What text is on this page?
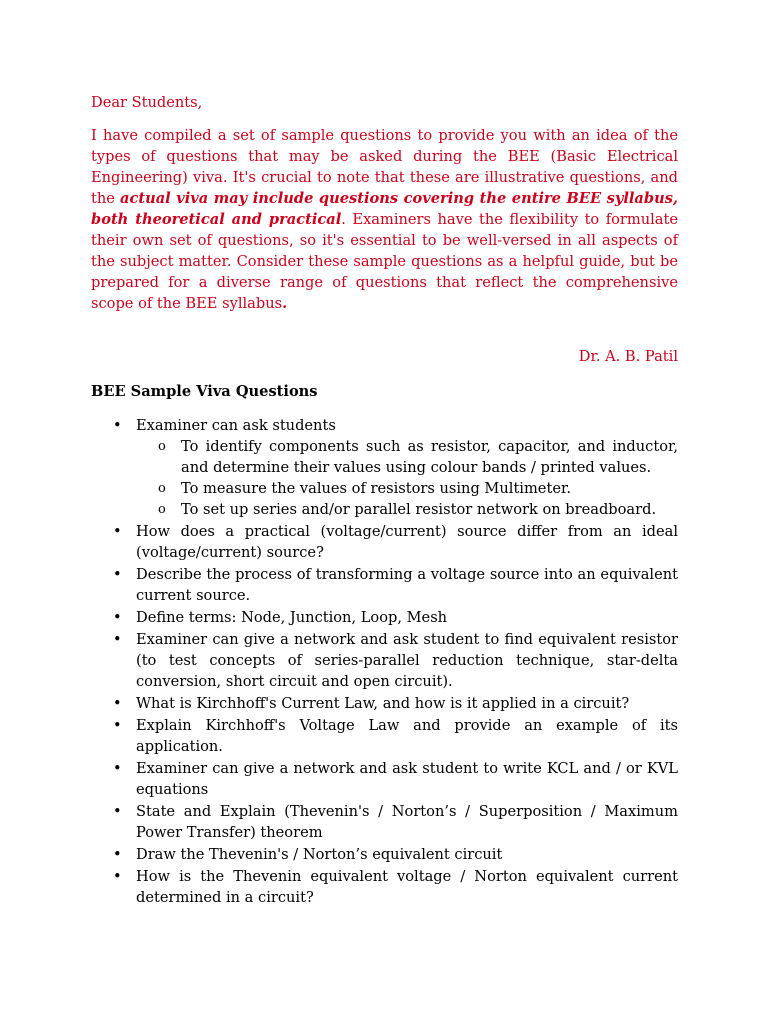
Dear Students,

I have compiled a set of sample questions to provide you with an idea of the types of questions that may be asked during the BEE (Basic Electrical Engineering) viva. It's crucial to note that these are illustrative questions, and the actual viva may include questions covering the entire BEE syllabus, both theoretical and practical. Examiners have the flexibility to formulate their own set of questions, so it's essential to be well-versed in all aspects of the subject matter. Consider these sample questions as a helpful guide, but be prepared for a diverse range of questions that reflect the comprehensive scope of the BEE syllabus.

Dr. A. B. Patil

BEE Sample Viva Questions

• Examiner can ask students
o To identify components such as resistor, capacitor, and inductor, and determine their values using colour bands / printed values.
o To measure the values of resistors using Multimeter.
o To set up series and/or parallel resistor network on breadboard.
• How does a practical (voltage/current) source differ from an ideal (voltage/current) source?
• Describe the process of transforming a voltage source into an equivalent current source.
• Define terms: Node, Junction, Loop, Mesh
• Examiner can give a network and ask student to find equivalent resistor (to test concepts of series-parallel reduction technique, star-delta conversion, short circuit and open circuit).
• What is Kirchhoff's Current Law, and how is it applied in a circuit?
• Explain Kirchhoff's Voltage Law and provide an example of its application.
• Examiner can give a network and ask student to write KCL and / or KVL equations
• State and Explain (Thevenin's / Norton’s / Superposition / Maximum Power Transfer) theorem
• Draw the Thevenin's / Norton’s equivalent circuit
• How is the Thevenin equivalent voltage / Norton equivalent current determined in a circuit?
